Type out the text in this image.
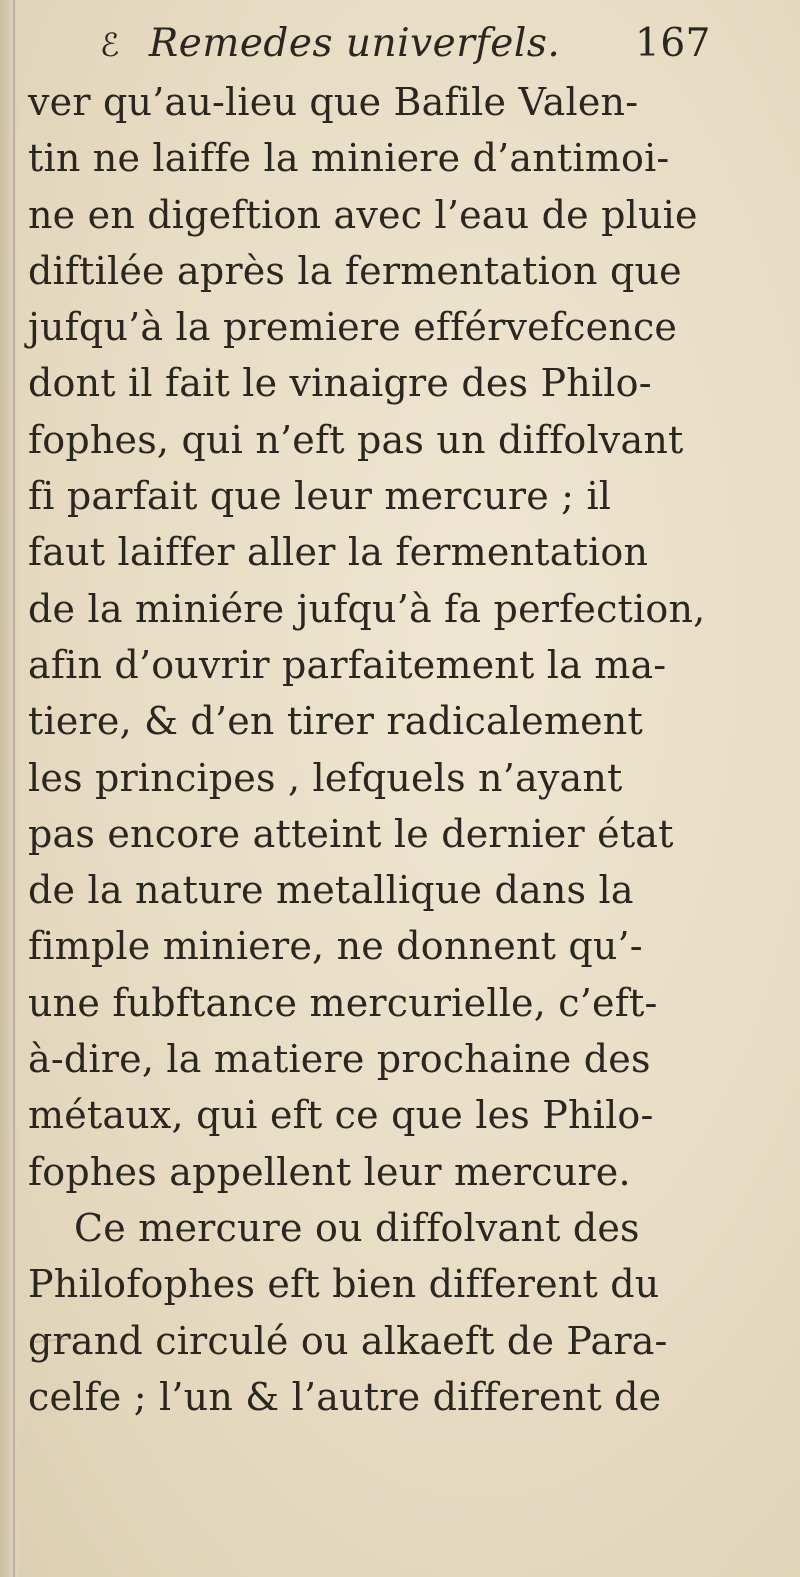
ℰ Remedes univerfels. 167
ver qu’au-lieu que Bafile Valen-
tin ne laiffe la miniere d’antimoi-
ne en digeftion avec l’eau de pluie
diftilée après la fermentation que
jufqu’à la premiere efférvefcence
dont il fait le vinaigre des Philo-
fophes, qui n’eft pas un diffolvant
fi parfait que leur mercure ; il
faut laiffer aller la fermentation
de la miniére jufqu’à fa perfection,
afin d’ouvrir parfaitement la ma-
tiere, & d’en tirer radicalement
les principes , lefquels n’ayant
pas encore atteint le dernier état
de la nature metallique dans la
fimple miniere, ne donnent qu’-
une fubftance mercurielle, c’eft-
à-dire, la matiere prochaine des
métaux, qui eft ce que les Philo-
fophes appellent leur mercure.
Ce mercure ou diffolvant des
Philofophes eft bien different du
grand circulé ou alkaeft de Para-
celfe ; l’un & l’autre different de
